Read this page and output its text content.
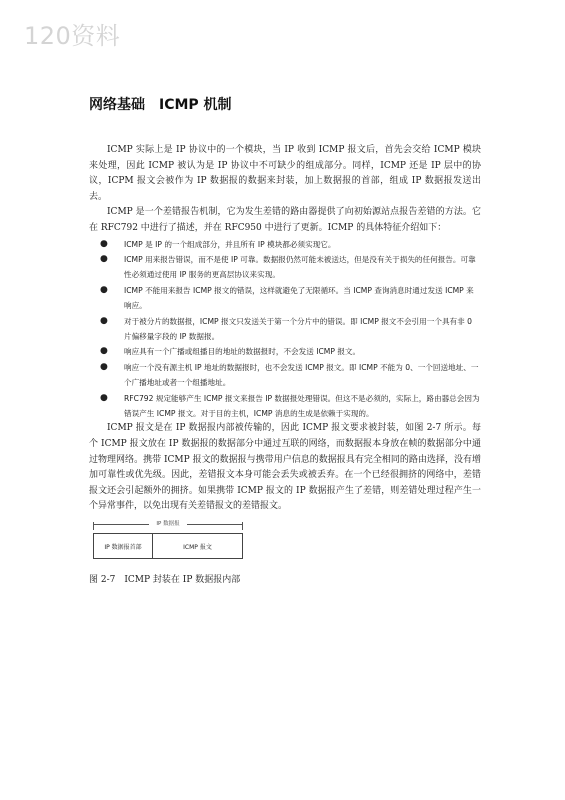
120资料
网络基础　ICMP 机制

ICMP 实际上是 IP 协议中的一个模块，当 IP 收到 ICMP 报文后，首先会交给 ICMP 模块来处理，因此 ICMP 被认为是 IP 协议中不可缺少的组成部分。同样，ICMP 还是 IP 层中的协议，ICPM 报文会被作为 IP 数据报的数据来封装，加上数据报的首部，组成 IP 数据报发送出去。

ICMP 是一个差错报告机制，它为发生差错的路由器提供了向初始源站点报告差错的方法。它在 RFC792 中进行了描述，并在 RFC950 中进行了更新。ICMP 的具体特征介绍如下：

● ICMP 是 IP 的一个组成部分，并且所有 IP 模块都必须实现它。
● ICMP 用来报告错误，而不是使 IP 可靠。数据报仍然可能未被送达，但是没有关于损失的任何报告。可靠性必须通过使用 IP 服务的更高层协议来实现。
● ICMP 不能用来报告 ICMP 报文的错误，这样就避免了无限循环。当 ICMP 查询消息时通过发送 ICMP 来响应。
● 对于被分片的数据报，ICMP 报文只发送关于第一个分片中的错误。即 ICMP 报文不会引用一个具有非 0 片偏移量字段的 IP 数据报。
● 响应具有一个广播或组播目的地址的数据报时，不会发送 ICMP 报文。
● 响应一个没有源主机 IP 地址的数据报时，也不会发送 ICMP 报文。即 ICMP 不能为 0、一个回送地址、一个广播地址或者一个组播地址。
● RFC792 规定能够产生 ICMP 报文来报告 IP 数据报处理错误。但这不是必须的，实际上，路由器总会因为错误产生 ICMP 报文。对于目的主机，ICMP 消息的生成是依赖于实现的。

ICMP 报文是在 IP 数据报内部被传输的，因此 ICMP 报文要求被封装，如图 2-7 所示。每个 ICMP 报文放在 IP 数据报的数据部分中通过互联的网络，而数据报本身放在帧的数据部分中通过物理网络。携带 ICMP 报文的数据报与携带用户信息的数据报具有完全相同的路由选择，没有增加可靠性或优先级。因此，差错报文本身可能会丢失或被丢弃。在一个已经很拥挤的网络中，差错报文还会引起额外的拥挤。如果携带 ICMP 报文的 IP 数据报产生了差错，则差错处理过程产生一个异常事件，以免出现有关差错报文的差错报文。

IP 数据报
IP 数据报首部	ICMP 报文
图 2-7　ICMP 封装在 IP 数据报内部
